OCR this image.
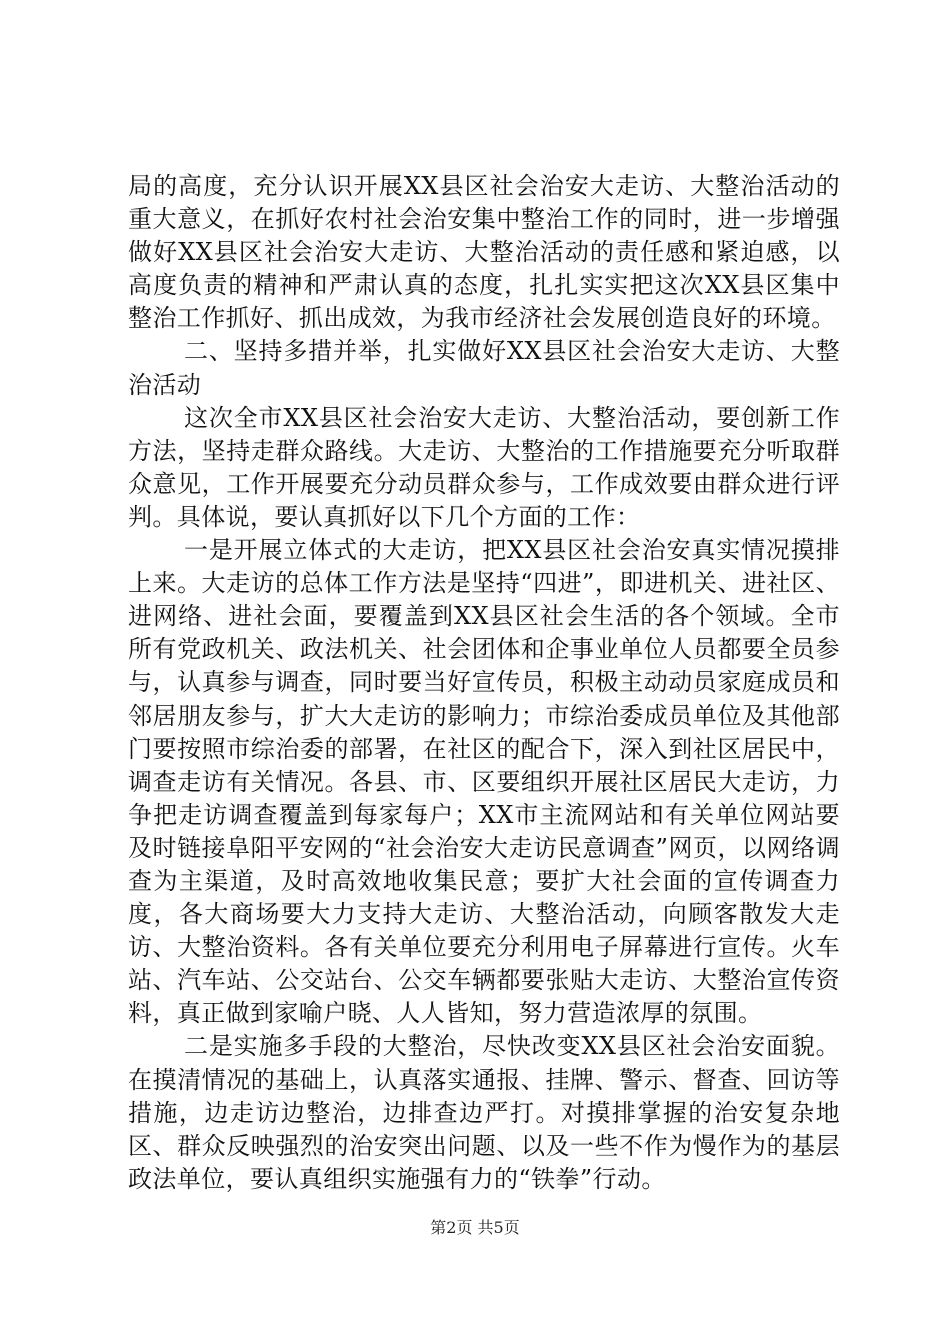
局的高度，充分认识开展XX县区社会治安大走访、大整治活动的重大意义，在抓好农村社会治安集中整治工作的同时，进一步增强做好XX县区社会治安大走访、大整治活动的责任感和紧迫感，以高度负责的精神和严肃认真的态度，扎扎实实把这次XX县区集中整治工作抓好、抓出成效，为我市经济社会发展创造良好的环境。

二、坚持多措并举，扎实做好XX县区社会治安大走访、大整治活动

这次全市XX县区社会治安大走访、大整治活动，要创新工作方法，坚持走群众路线。大走访、大整治的工作措施要充分听取群众意见，工作开展要充分动员群众参与，工作成效要由群众进行评判。具体说，要认真抓好以下几个方面的工作：

一是开展立体式的大走访，把XX县区社会治安真实情况摸排上来。大走访的总体工作方法是坚持“四进”，即进机关、进社区、进网络、进社会面，要覆盖到XX县区社会生活的各个领域。全市所有党政机关、政法机关、社会团体和企事业单位人员都要全员参与，认真参与调查，同时要当好宣传员，积极主动动员家庭成员和邻居朋友参与，扩大大走访的影响力；市综治委成员单位及其他部门要按照市综治委的部署，在社区的配合下，深入到社区居民中，调查走访有关情况。各县、市、区要组织开展社区居民大走访，力争把走访调查覆盖到每家每户；XX市主流网站和有关单位网站要及时链接阜阳平安网的“社会治安大走访民意调查”网页，以网络调查为主渠道，及时高效地收集民意；要扩大社会面的宣传调查力度，各大商场要大力支持大走访、大整治活动，向顾客散发大走访、大整治资料。各有关单位要充分利用电子屏幕进行宣传。火车站、汽车站、公交站台、公交车辆都要张贴大走访、大整治宣传资料，真正做到家喻户晓、人人皆知，努力营造浓厚的氛围。

二是实施多手段的大整治，尽快改变XX县区社会治安面貌。在摸清情况的基础上，认真落实通报、挂牌、警示、督查、回访等措施，边走访边整治，边排查边严打。对摸排掌握的治安复杂地区、群众反映强烈的治安突出问题、以及一些不作为慢作为的基层政法单位，要认真组织实施强有力的“铁拳”行动。

第2页 共5页
